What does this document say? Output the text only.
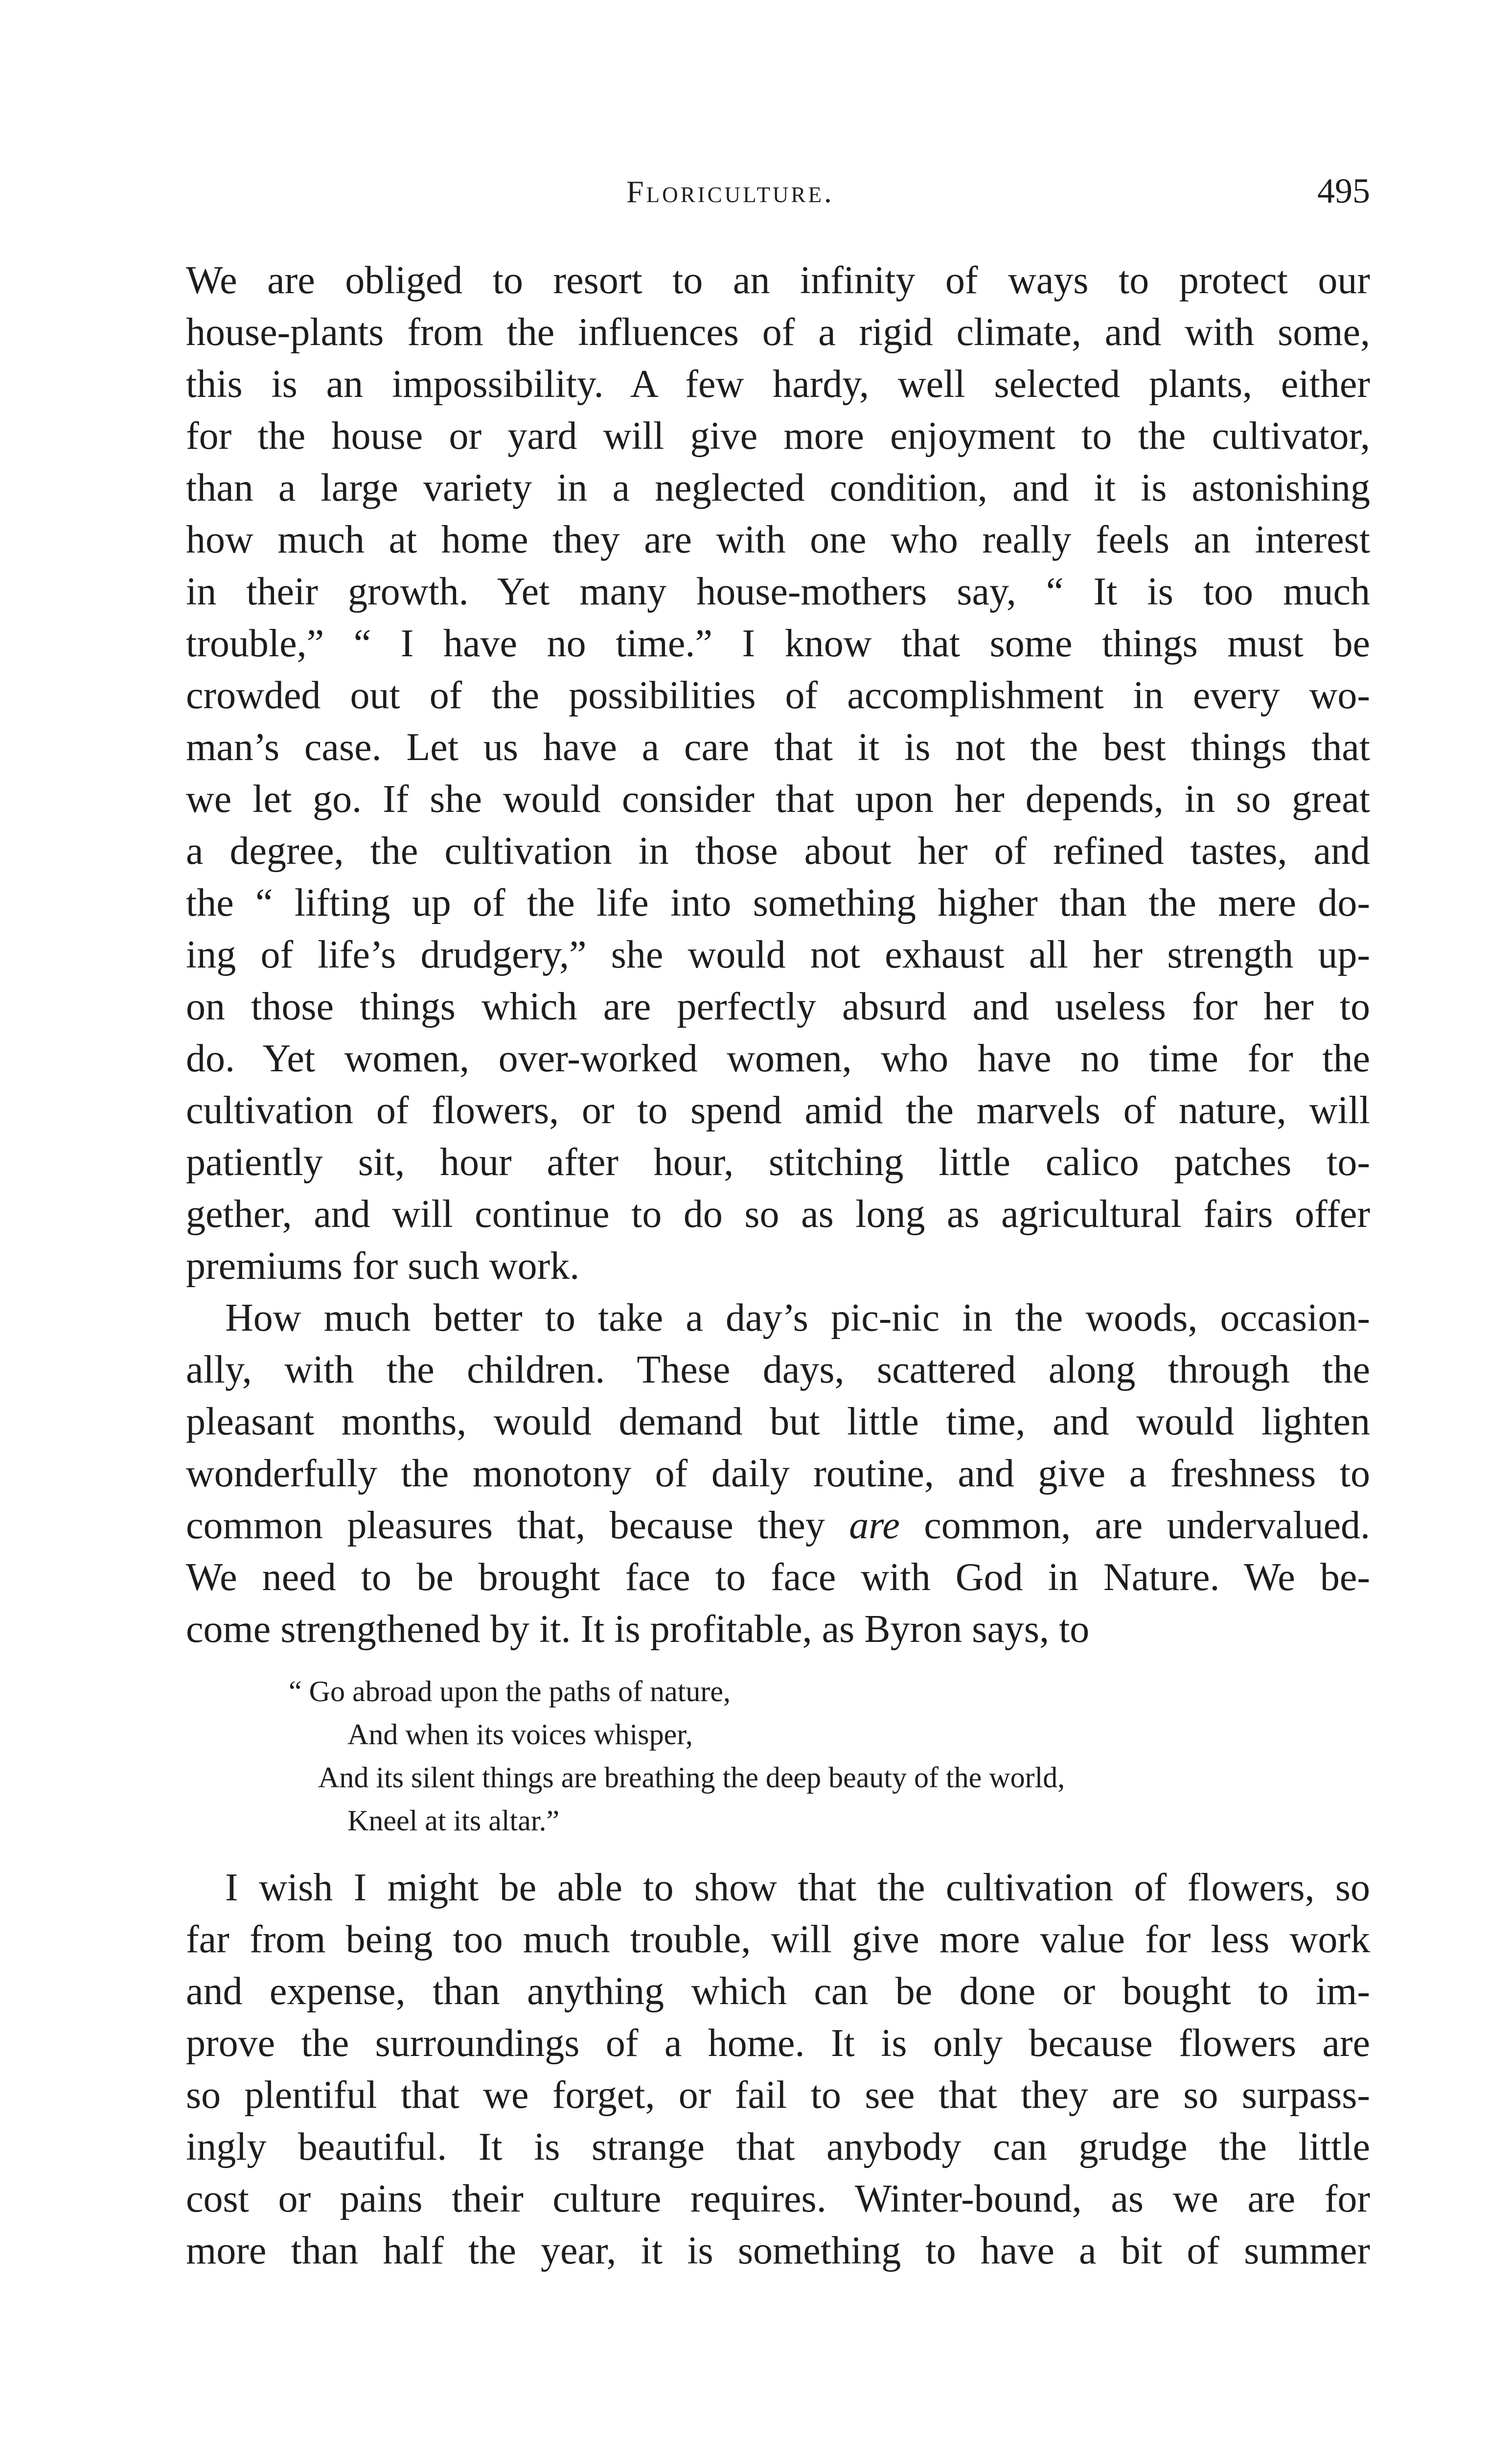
Floriculture.	495
We are obliged to resort to an infinity of ways to protect our
house-plants from the influences of a rigid climate, and with some,
this is an impossibility. A few hardy, well selected plants, either
for the house or yard will give more enjoyment to the cultivator,
than a large variety in a neglected condition, and it is astonishing
how much at home they are with one who really feels an interest
in their growth. Yet many house-mothers say, “ It is too much
trouble,” “ I have no time.” I know that some things must be
crowded out of the possibilities of accomplishment in every wo-
man’s case. Let us have a care that it is not the best things that
we let go. If she would consider that upon her depends, in so great
a degree, the cultivation in those about her of refined tastes, and
the “ lifting up of the life into something higher than the mere do-
ing of life’s drudgery,” she would not exhaust all her strength up-
on those things which are perfectly absurd and useless for her to
do. Yet women, over-worked women, who have no time for the
cultivation of flowers, or to spend amid the marvels of nature, will
patiently sit, hour after hour, stitching little calico patches to-
gether, and will continue to do so as long as agricultural fairs offer
premiums for such work.
How much better to take a day’s pic-nic in the woods, occasion-
ally, with the children. These days, scattered along through the
pleasant months, would demand but little time, and would lighten
wonderfully the monotony of daily routine, and give a freshness to
common pleasures that, because they are common, are undervalued.
We need to be brought face to face with God in Nature. We be-
come strengthened by it. It is profitable, as Byron says, to
“ Go abroad upon the paths of nature,
And when its voices whisper,
And its silent things are breathing the deep beauty of the world,
Kneel at its altar.”
I wish I might be able to show that the cultivation of flowers, so
far from being too much trouble, will give more value for less work
and expense, than anything which can be done or bought to im-
prove the surroundings of a home. It is only because flowers are
so plentiful that we forget, or fail to see that they are so surpass-
ingly beautiful. It is strange that anybody can grudge the little
cost or pains their culture requires. Winter-bound, as we are for
more than half the year, it is something to have a bit of summer
